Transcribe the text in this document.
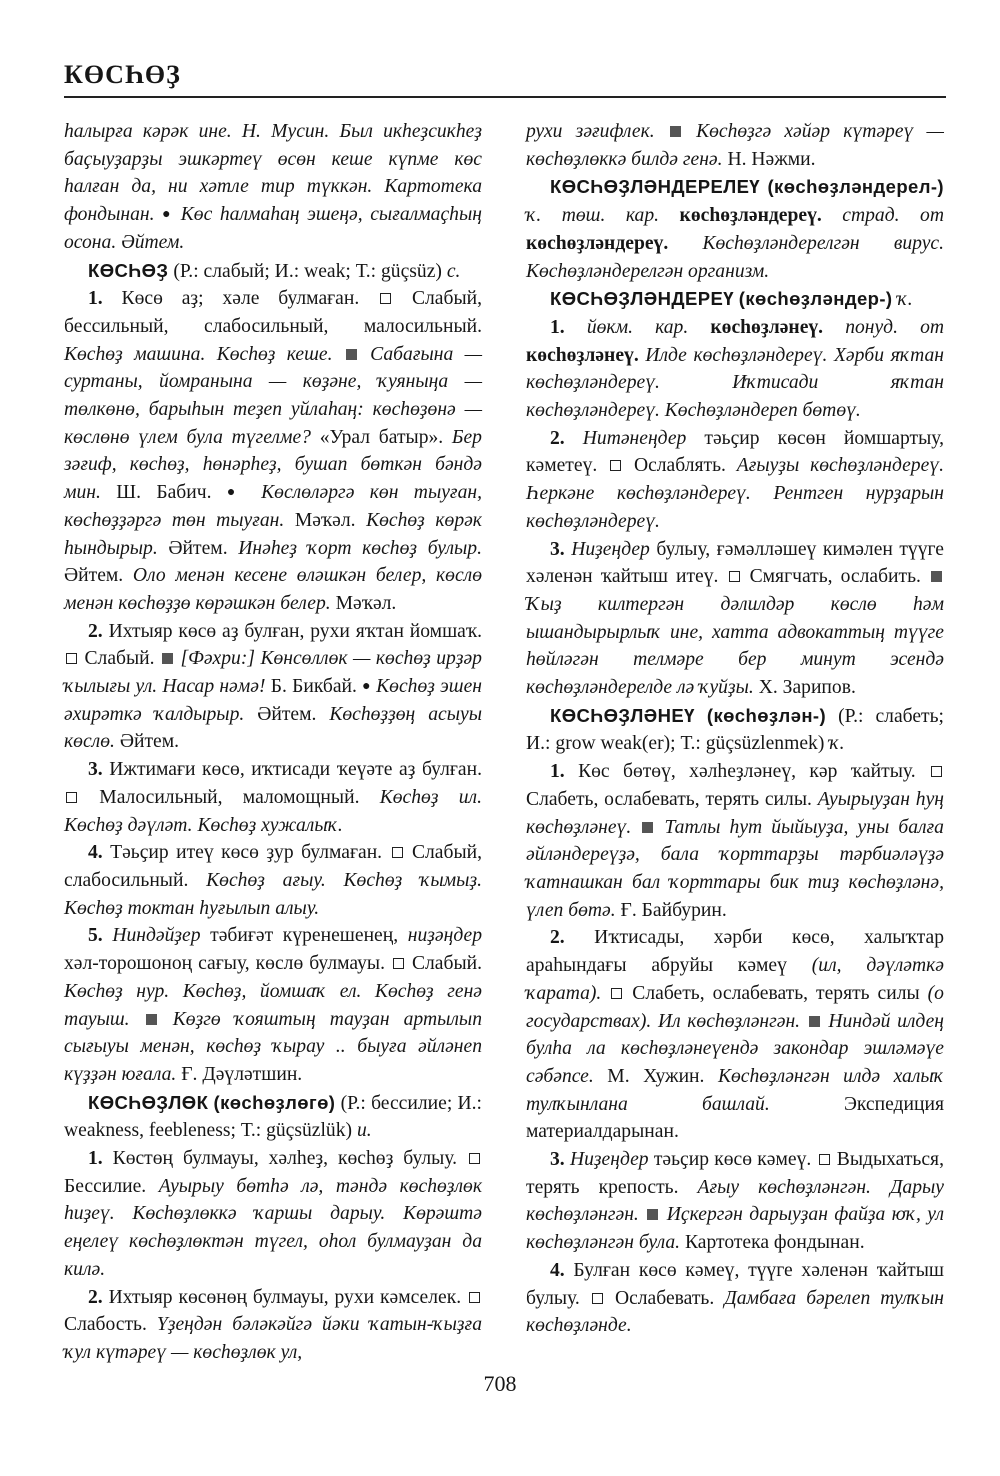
КӨСҺӨҘ

һалырға кәрәк ине. Н. Мусин. Был икһеҙсикһеҙ баҫыуҙарҙы эшкәртеү өсөн кеше күпме көс һалған да, ни хәтле тир түккән. Картотека фондынан. ● Көс һалмаһаң эшеңә, сығалмаҫһың осона. Әйтем.

КӨСҺӨҘ (Р.: слабый; И.: weak; Т.: güçsüz) с.

1. Көсө аҙ; хәле булмаған.	Слабый, бессильный, слабосильный, малосильный. Көсһөҙ машина. Көсһөҙ кеше. Сабағына — суртаны, йомранына — көҙәне, ҡуяныңа — төлкөнө, барыһын теҙеп уйлаһаң: көсһөҙөнә — көслөнө үлем була түгелме? «Урал батыр». Бер зәғиф, көсһөҙ, һөнәрһеҙ, бушап бөткән бәндә мин. Ш. Бабич. ● Көслөләргә көн тыуған, көсһөҙҙәргә төн тыуған. Мәҡәл. Көсһөҙ көрәк һындырыр. Әйтем. Инәһеҙ ҡорт көсһөҙ булыр. Әйтем. Оло менән кесене өләшкән белер, көслө менән көсһөҙҙө көрәшкән белер. Мәҡәл.

2. Ихтыяр көсө аҙ булған, рухи яҡтан йомшаҡ.  Слабый. [Фәхри:] Көнсөллөк — көсһөҙ ирҙәр ҡылығы ул. Насар нәмә! Б. Бикбай. ● Көсһөҙ эшен әхирәткә ҡалдырыр. Әйтем. Көсһөҙҙөң асыуы көслө. Әйтем.

3. Ижтимағи көсө, иҡтисади ҡеүәте аҙ булған.  Малосильный, маломощный. Көсһөҙ ил. Көсһөҙ дәүләт. Көсһөҙ хужалыҡ.

4. Тәьҫир итеү көсө ҙур булмаған. Слабый, слабосильный. Көсһөҙ ағыу. Көсһөҙ ҡымыҙ. Көсһөҙ токтан һуғылып алыу.

5. Ниндәйҙер тәбиғәт күренешенең, ниҙәңдер хәл-торошоноң сағыу, көслө булмауы. Слабый. Көсһөҙ нур. Көсһөҙ, йомшаҡ ел. Көсһөҙ генә тауыш. Көҙгө ҡояштың тауҙан артылып сығыуы менән, көсһөҙ ҡырау .. быуға әйләнеп күҙҙән юғала. Ғ. Дәүләтшин.

КӨСҺӨҘЛӨК (көсһөҙлөгө) (Р.: бессилие; И.: weakness, feebleness; Т.: güçsüzlük) и.

1. Көстөң булмауы, хәлһеҙ, көсһөҙ булыу.  Бессилие. Ауырыу бөтһә лә, тәндә көсһөҙлөк һиҙеү. Көсһөҙлөккә ҡаршы дарыу. Көрәштә еңелеү көсһөҙлөктән түгел, оһол булмауҙан да килә.

2. Ихтыяр көсөнөң булмауы, рухи кәмселек.  Слабость. Үҙеңдән бәләкәйгә йәки ҡатын-ҡыҙға ҡул күтәреү — көсһөҙлөк ул,

рухи зәғифлек. Көсһөҙгә хәйәр күтәреү — көсһөҙлөккә билдә генә. Н. Нәжми.

КӨСҺӨҘЛӘНДЕРЕЛЕҮ (көсһөҙләндерел-) ҡ. төш. кар. көсһөҙләндереү. страд. от көсһөҙләндереү. Көсһөҙләндерелгән вирус. Көсһөҙләндерелгән организм.

КӨСҺӨҘЛӘНДЕРЕҮ (көсһөҙләндер-) ҡ.

1. йөкм. кар. көсһөҙләнеү. понуд. от көсһөҙләнеү. Илде көсһөҙләндереү. Хәрби яҡтан көсһөҙләндереү. Иҡтисади яҡтан көсһөҙләндереү. Көсһөҙләндереп бөтөү.

2. Ниmәнеңдер тәьҫир көсөн йомшартыу, кәметеү. Ослаблять. Ағыуҙы көсһөҙләндереү. Һеркәне көсһөҙләндереү. Рентген нурҙарын көсһөҙләндереү.

3. Ниҙеңдер булыу, ғәмәлләшеү кимәлен түүге хәленән ҡайтыш итеү. Смягчать, ослабить.  Ҡыҙ килтергән дәлилдәр көслө һәм ышандырырлыҡ ине, хатта адвокаттың түүге һөйләгән телмәре бер минут эсендә көсһөҙләндерелде лә ҡуйҙы. Х. Зарипов.

КӨСҺӨҘЛӘНЕҮ (көсһөҙлән-) (Р.: слабеть; И.: grow weak(er); Т.: güçsüzlenmek) ҡ.

1. Көс бөтөү, хәлһеҙләнеү, кәр ҡайтыу.  Слабеть, ослабевать, терять силы. Ауырыуҙан һуң көсһөҙләнеү. Татлы һут йыйыуҙа, уны балға әйләндереүҙә, бала ҡорттарҙы тәрбиәләүҙә ҡатнашкан бал ҡорттары бик тиҙ көсһөҙләнә, үлеп бөтә. Ғ. Байбурин.

2. Иҡтисады, хәрби көсө, халыҡтар араһындағы абруйы кәмеү (ил, дәүләткә ҡарата). Слабеть, ослабевать, терять силы (о государствах). Ил көсһөҙләнгән. Ниндәй илдең булһа ла көсһөҙләнеүендә закондар эшләмәүе сәбәпсе. М. Хужин. Көсһөҙләнгән илдә халыҡ тулҡынлана башлай.	Экспедиция материалдарынан.

3. Ниҙеңдер тәьҫир көсө кәмеү. Выдыхаться, терять крепость. Ағыу көсһөҙләнгән. Дарыу көсһөҙләнгән. Иҫкергән дарыуҙан файҙа юҡ, ул көсһөҙләнгән була. Картотека фондынан.

4. Булған көсө кәмеү, түүге хәленән ҡайтыш булыу. Ослабевать. Дамбаға бәрелеп тулҡын көсһөҙләнде.

708
